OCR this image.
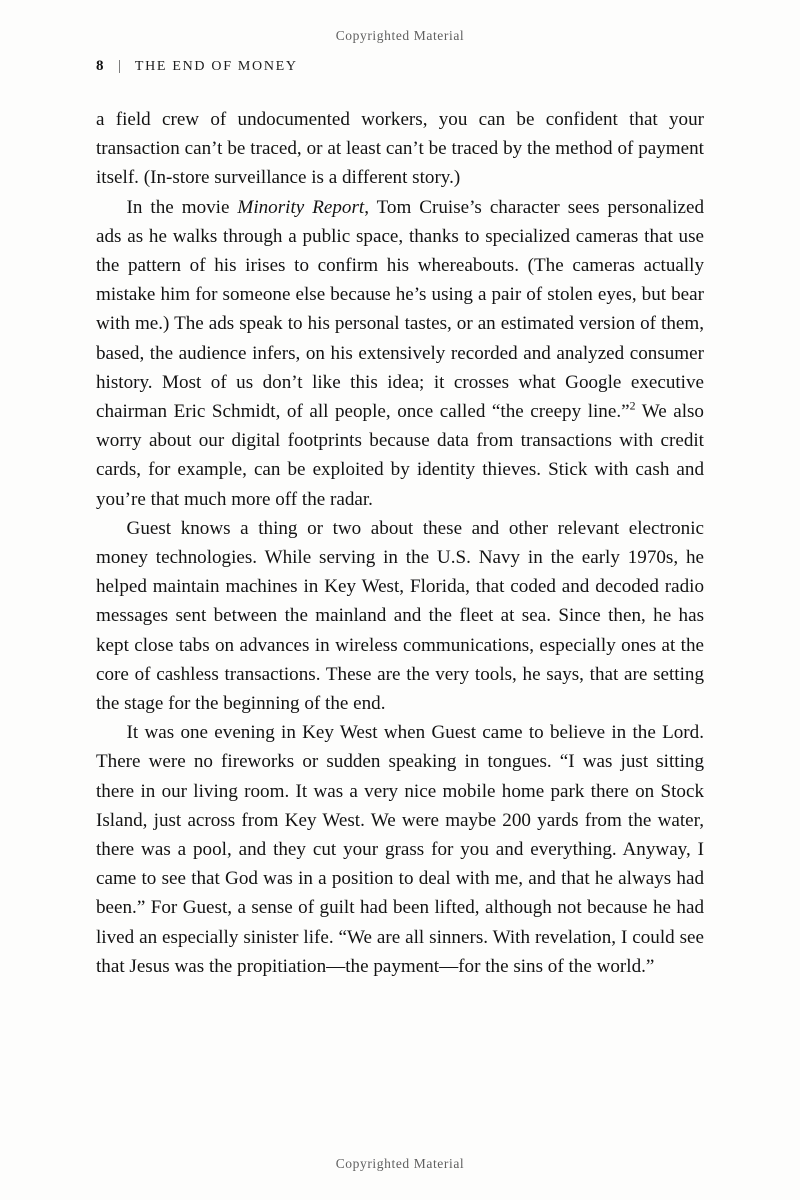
Copyrighted Material
8 | THE END OF MONEY

a field crew of undocumented workers, you can be confident that your transaction can’t be traced, or at least can’t be traced by the method of payment itself. (In-store surveillance is a different story.)

In the movie Minority Report, Tom Cruise’s character sees personalized ads as he walks through a public space, thanks to specialized cameras that use the pattern of his irises to confirm his whereabouts. (The cameras actually mistake him for someone else because he’s using a pair of stolen eyes, but bear with me.) The ads speak to his personal tastes, or an estimated version of them, based, the audience infers, on his extensively recorded and analyzed consumer history. Most of us don’t like this idea; it crosses what Google executive chairman Eric Schmidt, of all people, once called “the creepy line.”$^2$ We also worry about our digital footprints because data from transactions with credit cards, for example, can be exploited by identity thieves. Stick with cash and you’re that much more off the radar.

Guest knows a thing or two about these and other relevant electronic money technologies. While serving in the U.S. Navy in the early 1970s, he helped maintain machines in Key West, Florida, that coded and decoded radio messages sent between the mainland and the fleet at sea. Since then, he has kept close tabs on advances in wireless communications, especially ones at the core of cashless transactions. These are the very tools, he says, that are setting the stage for the beginning of the end.

It was one evening in Key West when Guest came to believe in the Lord. There were no fireworks or sudden speaking in tongues. “I was just sitting there in our living room. It was a very nice mobile home park there on Stock Island, just across from Key West. We were maybe 200 yards from the water, there was a pool, and they cut your grass for you and everything. Anyway, I came to see that God was in a position to deal with me, and that he always had been.” For Guest, a sense of guilt had been lifted, although not because he had lived an especially sinister life. “We are all sinners. With revelation, I could see that Jesus was the propitiation—the payment—for the sins of the world.”

Copyrighted Material
